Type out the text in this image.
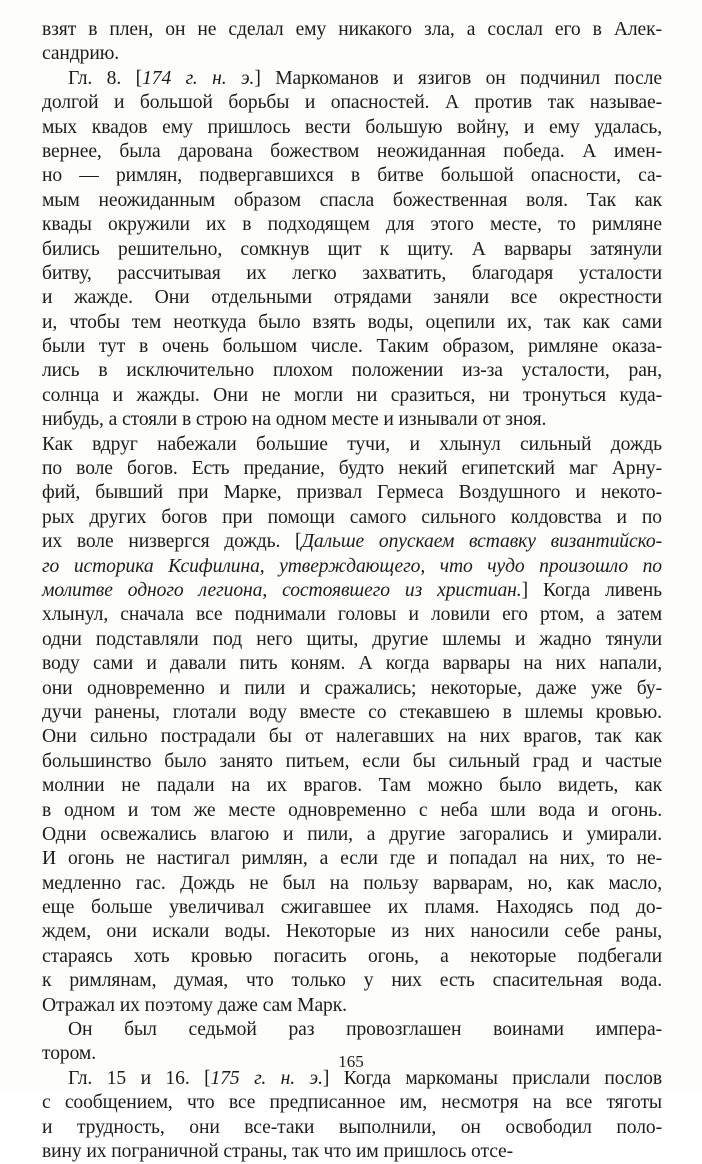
взят в плен, он не сделал ему никакого зла, а сослал его в Алек-
сандрию.
Гл. 8. [174 г. н. э.] Маркоманов и язигов он подчинил после
долгой и большой борьбы и опасностей. А против так называе-
мых квадов ему пришлось вести большую войну, и ему удалась,
вернее, была дарована божеством неожиданная победа. А имен-
но — римлян, подвергавшихся в битве большой опасности, са-
мым неожиданным образом спасла божественная воля. Так как
квады окружили их в подходящем для этого месте, то римляне
бились решительно, сомкнув щит к щиту. А варвары затянули
битву, рассчитывая их легко захватить, благодаря усталости
и жажде. Они отдельными отрядами заняли все окрестности
и, чтобы тем неоткуда было взять воды, оцепили их, так как сами
были тут в очень большом числе. Таким образом, римляне оказа-
лись в исключительно плохом положении из-за усталости, ран,
солнца и жажды. Они не могли ни сразиться, ни тронуться куда-
нибудь, а стояли в строю на одном месте и изнывали от зноя.
Как вдруг набежали большие тучи, и хлынул сильный дождь
по воле богов. Есть предание, будто некий египетский маг Арну-
фий, бывший при Марке, призвал Гермеса Воздушного и некото-
рых других богов при помощи самого сильного колдовства и по
их воле низвергся дождь. [Дальше опускаем вставку византийско-
го историка Ксифилина, утверждающего, что чудо произошло по
молитве одного легиона, состоявшего из христиан.] Когда ливень
хлынул, сначала все поднимали головы и ловили его ртом, а затем
одни подставляли под него щиты, другие шлемы и жадно тянули
воду сами и давали пить коням. А когда варвары на них напали,
они одновременно и пили и сражались; некоторые, даже уже бу-
дучи ранены, глотали воду вместе со стекавшею в шлемы кровью.
Они сильно пострадали бы от налегавших на них врагов, так как
большинство было занято питьем, если бы сильный град и частые
молнии не падали на их врагов. Там можно было видеть, как
в одном и том же месте одновременно с неба шли вода и огонь.
Одни освежались влагою и пили, а другие загорались и умирали.
И огонь не настигал римлян, а если где и попадал на них, то не-
медленно гас. Дождь не был на пользу варварам, но, как масло,
еще больше увеличивал сжигавшее их пламя. Находясь под до-
ждем, они искали воды. Некоторые из них наносили себе раны,
стараясь хоть кровью погасить огонь, а некоторые подбегали
к римлянам, думая, что только у них есть спасительная вода.
Отражал их поэтому даже сам Марк.
Он был седьмой раз провозглашен воинами импера-
тором.
Гл. 15 и 16. [175 г. н. э.] Когда маркоманы прислали послов
с сообщением, что все предписанное им, несмотря на все тяготы
и трудность, они все-таки выполнили, он освободил поло-
вину их пограничной страны, так что им пришлось отсе-
165
